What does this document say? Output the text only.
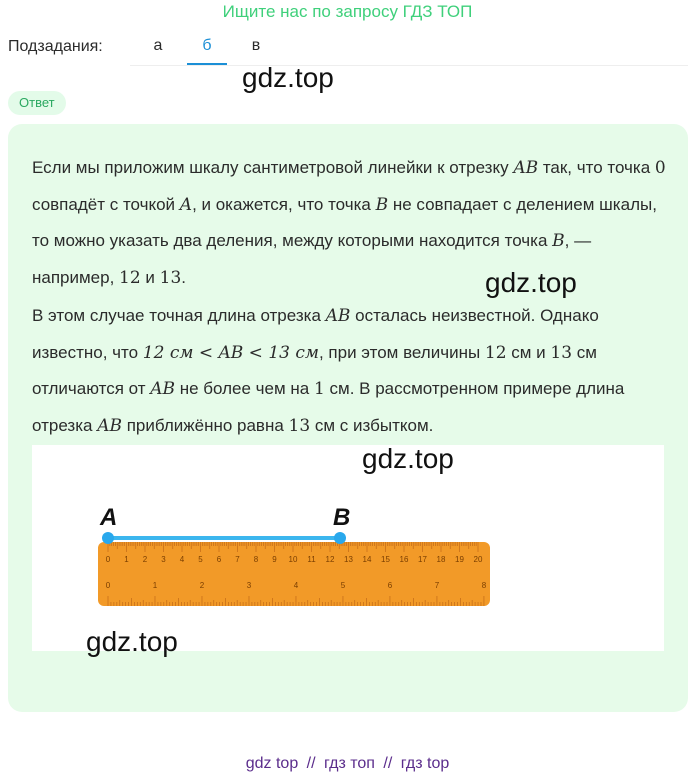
Ищите нас по запросу ГДЗ ТОП
Подзадания:	а	б	в
gdz.top
Ответ

Если мы приложим шкалу сантиметровой линейки к отрезку AB так, что точка 0 совпадёт с точкой A, и окажется, что точка B не совпадает с делением шкалы, то можно указать два деления, между которыми находится точка B, — например, 12 и 13.

В этом случае точная длина отрезка AB осталась неизвестной. Однако известно, что 12 см < AB < 13 см, при этом величины 12 см и 13 см отличаются от AB не более чем на 1 см. В рассмотренном примере длина отрезка AB приближённо равна 13 см с избытком.

0 1 2 3 4 5 6 7 8 9 10 11 12 13 14 15 16 17 18 19 20
0	1	2	3	4	5	6	7	8
A	B
gdz.top
gdz.top
gdz.top
gdz top // гдз топ // гдз top
